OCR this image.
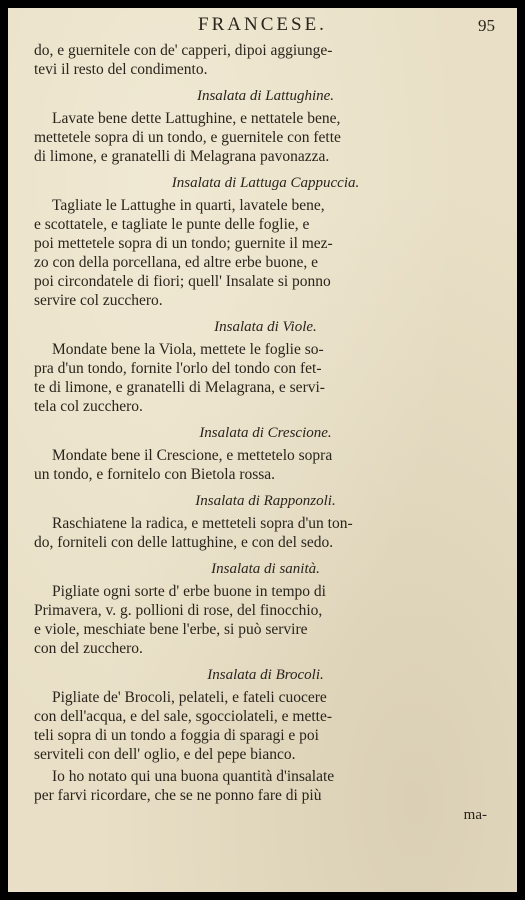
FRANCESE.	95

do, e guernitele con de' capperi, dipoi aggiunge-
tevi il resto del condimento.

Insalata di Lattughine.

Lavate bene dette Lattughine, e nettatele bene,
mettetele sopra di un tondo, e guernitele con fette
di limone, e granatelli di Melagrana pavonazza.

Insalata di Lattuga Cappuccia.

Tagliate le Lattughe in quarti, lavatele bene,
e scottatele, e tagliate le punte delle foglie, e
poi mettetele sopra di un tondo; guernite il mez-
zo con della porcellana, ed altre erbe buone, e
poi circondatele di fiori; quell' Insalate si ponno
servire col zucchero.

Insalata di Viole.

Mondate bene la Viola, mettete le foglie so-
pra d'un tondo, fornite l'orlo del tondo con fet-
te di limone, e granatelli di Melagrana, e servi-
tela col zucchero.

Insalata di Crescione.

Mondate bene il Crescione, e mettetelo sopra
un tondo, e fornitelo con Bietola rossa.

Insalata di Rapponzoli.

Raschiatene la radica, e metteteli sopra d'un ton-
do, forniteli con delle lattughine, e con del sedo.

Insalata di sanità.

Pigliate ogni sorte d' erbe buone in tempo di
Primavera, v. g. pollioni di rose, del finocchio,
e viole, meschiate bene l'erbe, si può servire
con del zucchero.

Insalata di Brocoli.

Pigliate de' Brocoli, pelateli, e fateli cuocere
con dell'acqua, e del sale, sgocciolateli, e mette-
teli sopra di un tondo a foggia di sparagi e poi
serviteli con dell' oglio, e del pepe bianco.

Io ho notato qui una buona quantità d'insalate
per farvi ricordare, che se ne ponno fare di più

ma-
